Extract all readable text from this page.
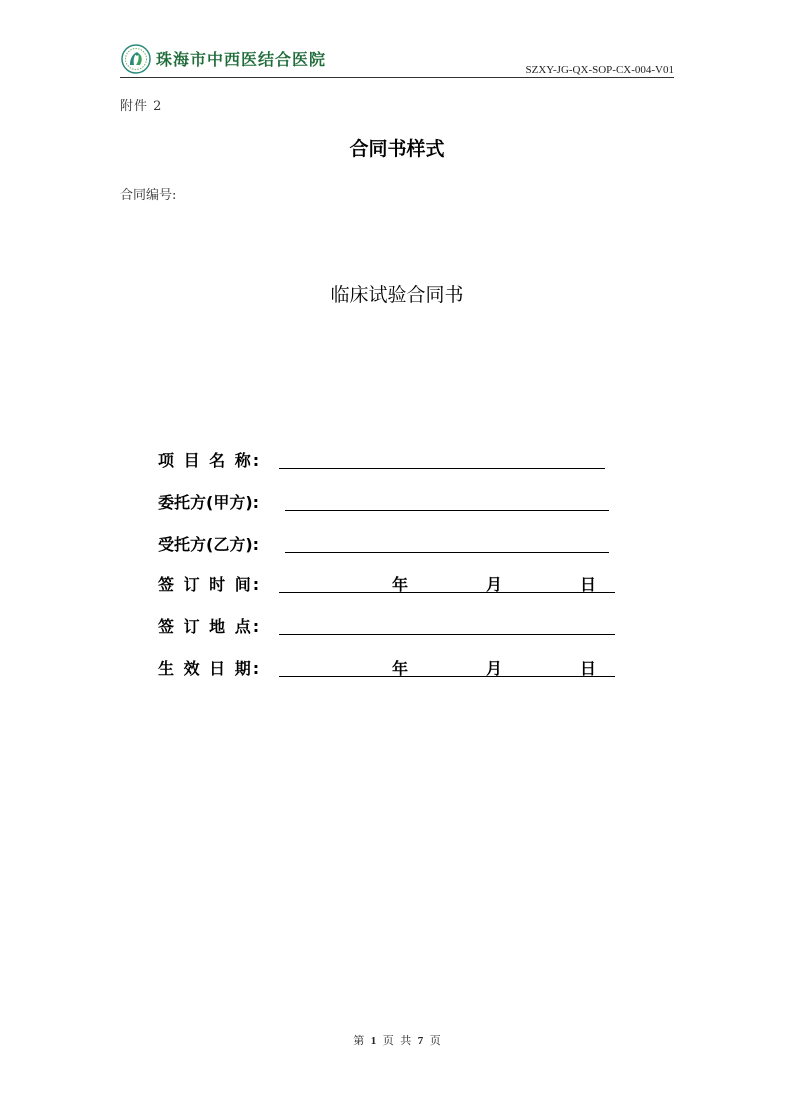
珠海市中西医结合医院
SZXY-JG-QX-SOP-CX-004-V01
附件 2
合同书样式
合同编号:
临床试验合同书
项 目 名 称:
委托方(甲方):
受托方(乙方):
签 订 时 间:	年	月	日
签 订 地 点:
生 效 日 期:	年	月	日
第 1 页 共 7 页
